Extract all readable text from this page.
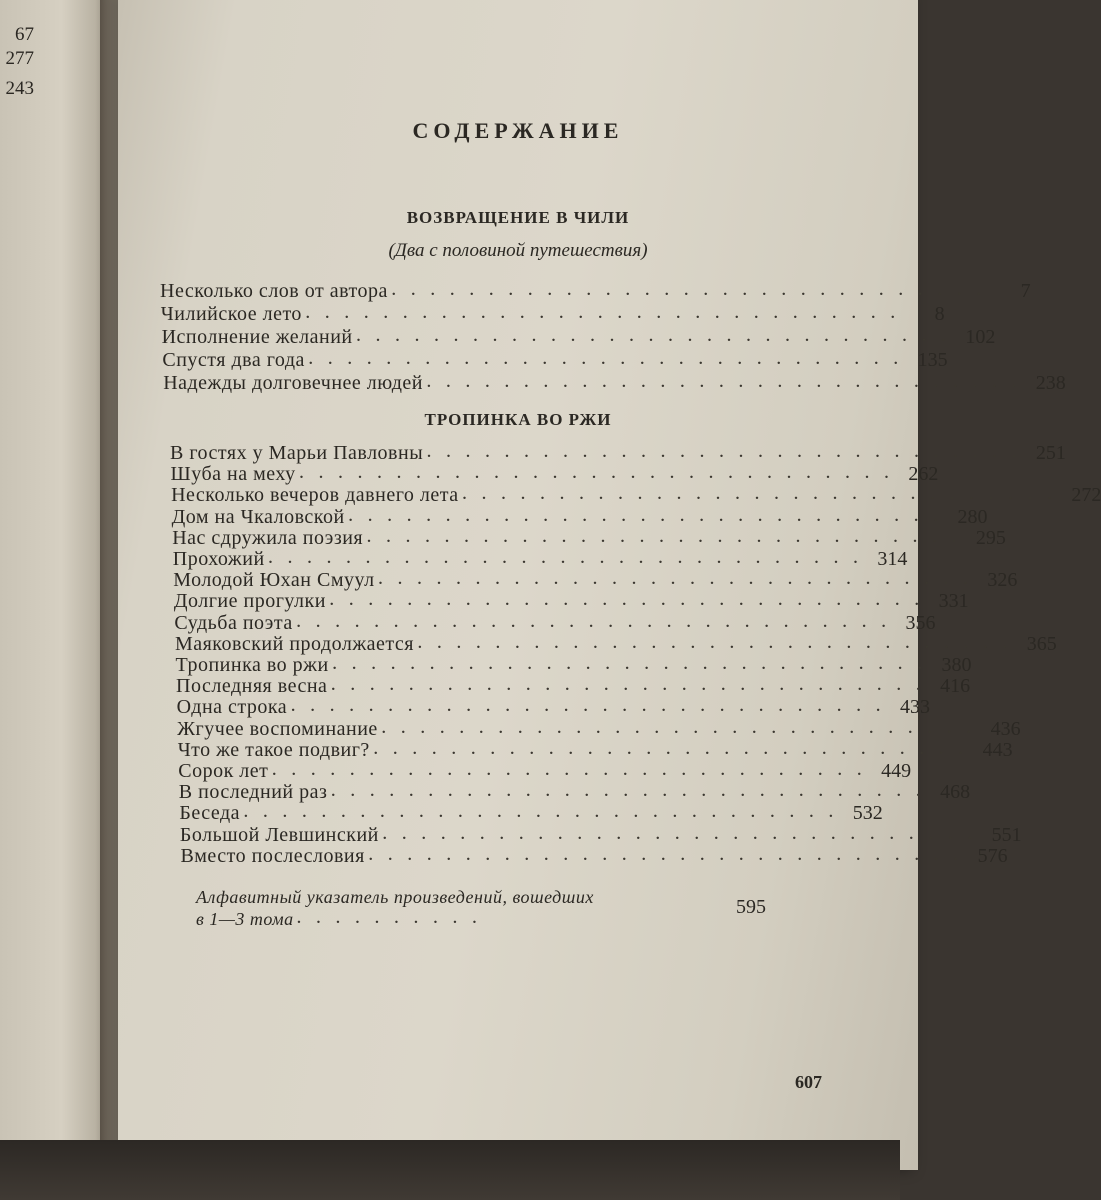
67
277
243
СОДЕРЖАНИЕ
ВОЗВРАЩЕНИЕ В ЧИЛИ
(Два с половиной путешествия)
Несколько слов от автора . . . . . . . . . . . . . . . . . . . . . . . . . . . . . . .	7
Чилийское лето . . . . . . . . . . . . . . . . . . . . . . . . . . . . . . .	8
Исполнение желаний . . . . . . . . . . . . . . . . . . . . . . . . . . . . . . . 102
Спустя два года . . . . . . . . . . . . . . . . . . . . . . . . . . . . . . . 135
Надежды долговечнее людей . . . . . . . . . . . . . . . . . . . . . . . . . . . . . . . 238
ТРОПИНКА ВО РЖИ
В гостях у Марьи Павловны . . . . . . . . . . . . . . . . . . . . . . . . . . . . . . . 251
Шуба на меху . . . . . . . . . . . . . . . . . . . . . . . . . . . . . . . 262
Несколько вечеров давнего лета . . . . . . . . . . . . . . . . . . . . . . . . . . . . . . . 272
Дом на Чкаловской . . . . . . . . . . . . . . . . . . . . . . . . . . . . . . . 280
Нас сдружила поэзия . . . . . . . . . . . . . . . . . . . . . . . . . . . . . . . 295
Прохожий . . . . . . . . . . . . . . . . . . . . . . . . . . . . . . . 314
Молодой Юхан Смуул . . . . . . . . . . . . . . . . . . . . . . . . . . . . . . . 326
Долгие прогулки . . . . . . . . . . . . . . . . . . . . . . . . . . . . . . . 331
Судьба поэта . . . . . . . . . . . . . . . . . . . . . . . . . . . . . . . 356
Маяковский продолжается . . . . . . . . . . . . . . . . . . . . . . . . . . . . . . . 365
Тропинка во ржи . . . . . . . . . . . . . . . . . . . . . . . . . . . . . . . 380
Последняя весна . . . . . . . . . . . . . . . . . . . . . . . . . . . . . . . 416
Одна строка . . . . . . . . . . . . . . . . . . . . . . . . . . . . . . . 433
Жгучее воспоминание . . . . . . . . . . . . . . . . . . . . . . . . . . . . . . . 436
Что же такое подвиг? . . . . . . . . . . . . . . . . . . . . . . . . . . . . . . . 443
Сорок лет . . . . . . . . . . . . . . . . . . . . . . . . . . . . . . . 449
В последний раз . . . . . . . . . . . . . . . . . . . . . . . . . . . . . . . 468
Беседа . . . . . . . . . . . . . . . . . . . . . . . . . . . . . . . 532
Большой Левшинский . . . . . . . . . . . . . . . . . . . . . . . . . . . . . . . 551
Вместо послесловия . . . . . . . . . . . . . . . . . . . . . . . . . . . . . . . 576
Алфавитный указатель произведений, вошедших
в 1—3 тома . . . . . . . . . .
595
607
